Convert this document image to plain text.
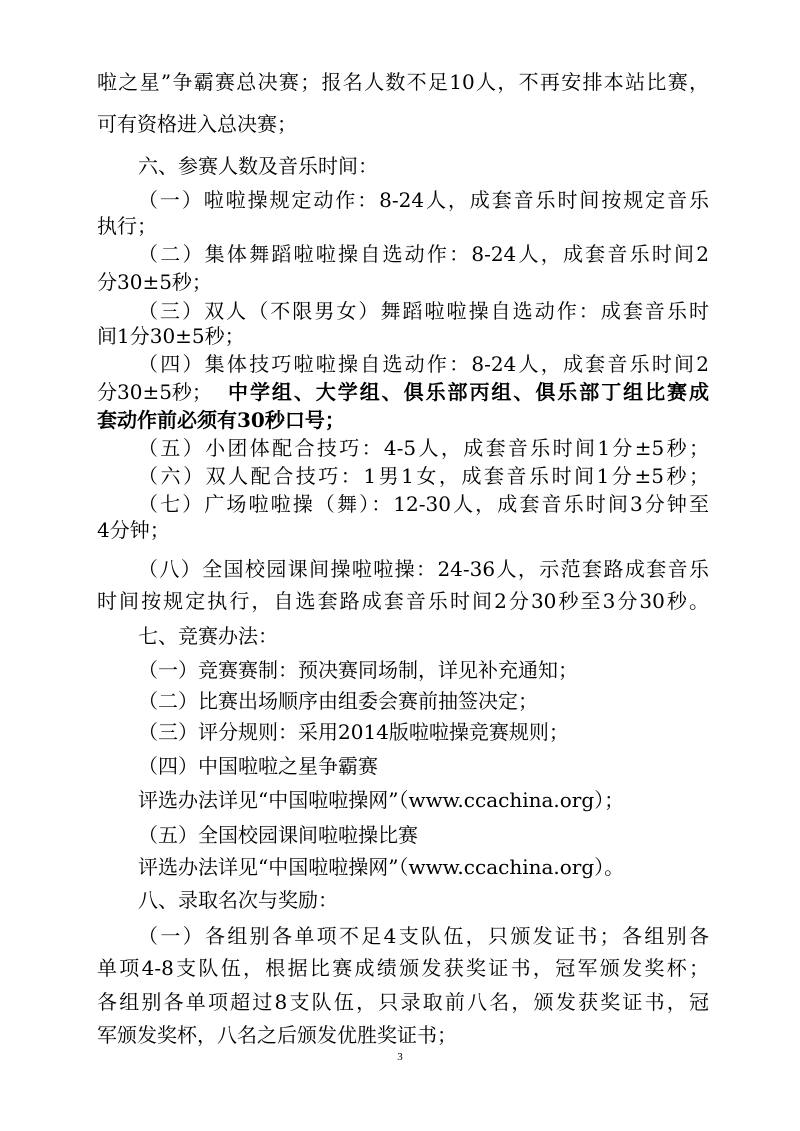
啦之星”争霸赛总决赛；报名人数不足10人，不再安排本站比赛，
可有资格进入总决赛；
六、参赛人数及音乐时间：
（一）啦啦操规定动作：8-24人，成套音乐时间按规定音乐
执行；
（二）集体舞蹈啦啦操自选动作：8-24人，成套音乐时间2
分30±5秒；
（三）双人（不限男女）舞蹈啦啦操自选动作：成套音乐时
间1分30±5秒；
（四）集体技巧啦啦操自选动作：8-24人，成套音乐时间2
分30±5秒； 中学组、大学组、俱乐部丙组、俱乐部丁组比赛成
套动作前必须有30秒口号；
（五）小团体配合技巧：4-5人，成套音乐时间1分±5秒；
（六）双人配合技巧：1男1女，成套音乐时间1分±5秒；
（七）广场啦啦操（舞）：12-30人，成套音乐时间3分钟至
4分钟；
（八）全国校园课间操啦啦操：24-36人，示范套路成套音乐
时间按规定执行，自选套路成套音乐时间2分30秒至3分30秒。
七、竞赛办法：
（一）竞赛赛制：预决赛同场制，详见补充通知；
（二）比赛出场顺序由组委会赛前抽签决定；
（三）评分规则：采用2014版啦啦操竞赛规则；
（四）中国啦啦之星争霸赛
评选办法详见“中国啦啦操网”（www.ccachina.org）；
（五）全国校园课间啦啦操比赛
评选办法详见“中国啦啦操网”（www.ccachina.org）。
八、录取名次与奖励：
（一）各组别各单项不足4支队伍，只颁发证书；各组别各
单项4-8支队伍，根据比赛成绩颁发获奖证书，冠军颁发奖杯；
各组别各单项超过8支队伍，只录取前八名，颁发获奖证书，冠
军颁发奖杯，八名之后颁发优胜奖证书；
3
